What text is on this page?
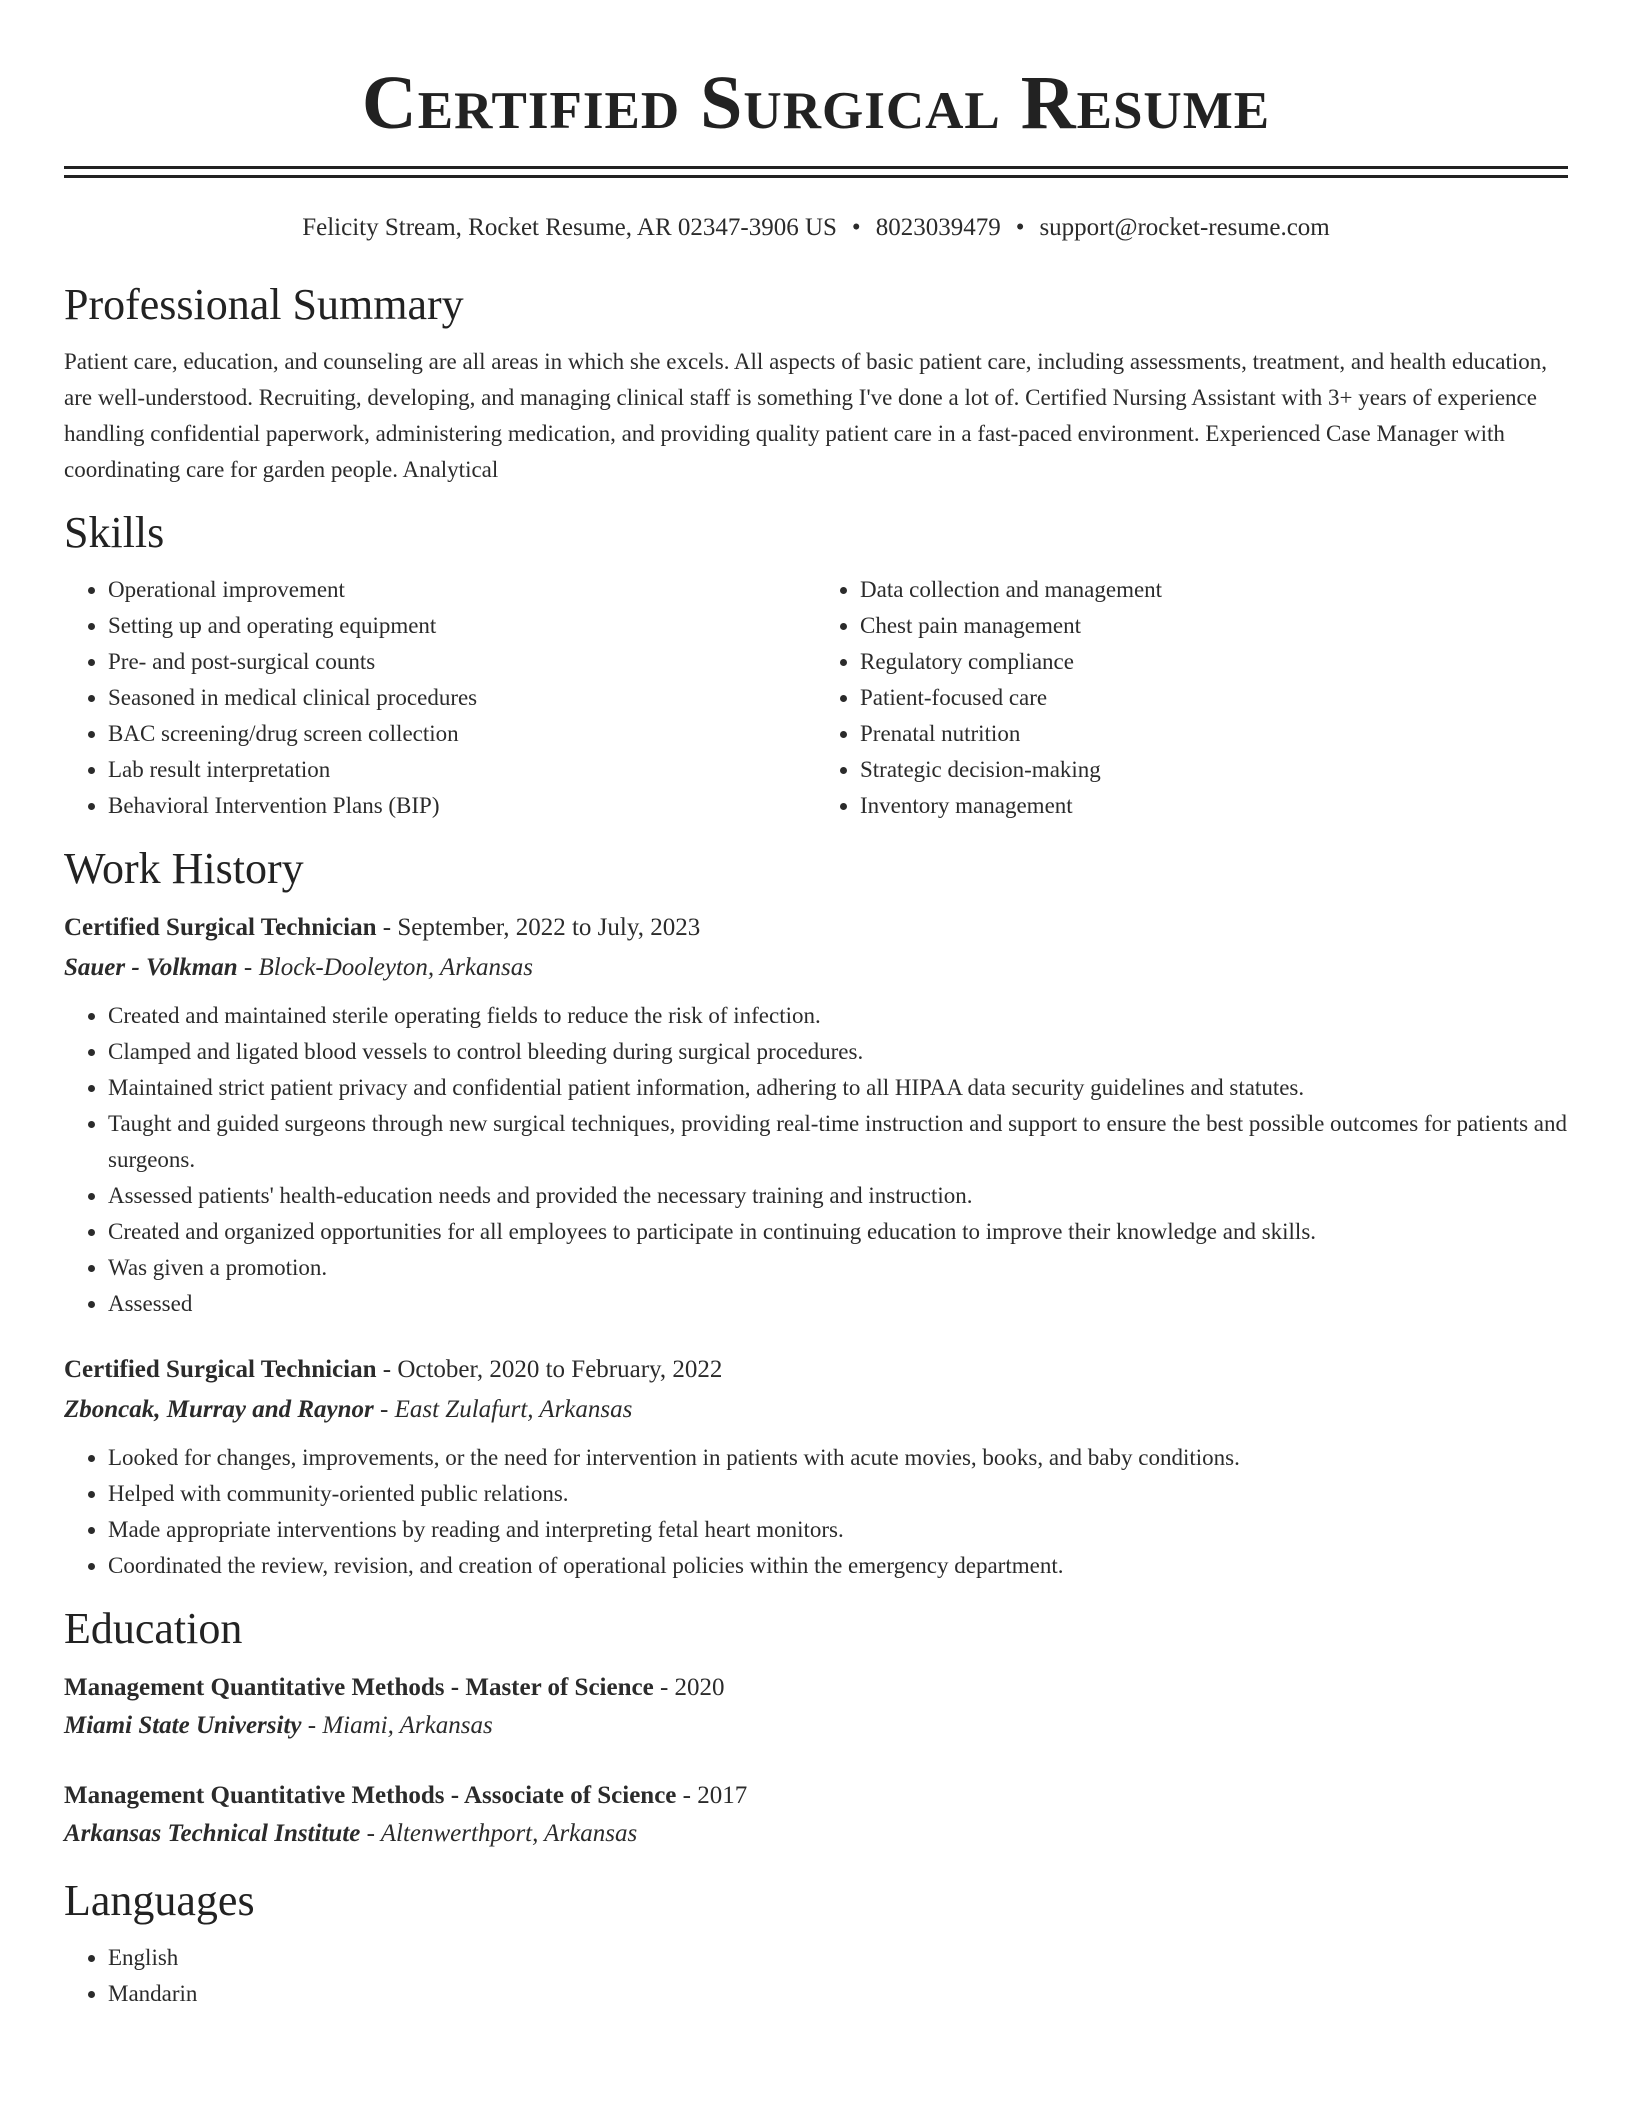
Certified Surgical Resume
Felicity Stream, Rocket Resume, AR 02347-3906 US • 8023039479 • support@rocket-resume.com
Professional Summary

Patient care, education, and counseling are all areas in which she excels. All aspects of basic patient care, including assessments, treatment, and health education, are well-understood. Recruiting, developing, and managing clinical staff is something I've done a lot of. Certified Nursing Assistant with 3+ years of experience handling confidential paperwork, administering medication, and providing quality patient care in a fast-paced environment. Experienced Case Manager with coordinating care for garden people. Analytical

Skills
• Operational improvement
• Setting up and operating equipment
• Pre- and post-surgical counts
• Seasoned in medical clinical procedures
• BAC screening/drug screen collection
• Lab result interpretation
• Behavioral Intervention Plans (BIP)
• Data collection and management
• Chest pain management
• Regulatory compliance
• Patient-focused care
• Prenatal nutrition
• Strategic decision-making
• Inventory management
Work History
Certified Surgical Technician - September, 2022 to July, 2023
Sauer - Volkman - Block-Dooleyton, Arkansas
• Created and maintained sterile operating fields to reduce the risk of infection.
• Clamped and ligated blood vessels to control bleeding during surgical procedures.
• Maintained strict patient privacy and confidential patient information, adhering to all HIPAA data security guidelines and statutes.
• Taught and guided surgeons through new surgical techniques, providing real-time instruction and support to ensure the best possible outcomes for patients and surgeons.
• Assessed patients' health-education needs and provided the necessary training and instruction.
• Created and organized opportunities for all employees to participate in continuing education to improve their knowledge and skills.
• Was given a promotion.
• Assessed
Certified Surgical Technician - October, 2020 to February, 2022
Zboncak, Murray and Raynor - East Zulafurt, Arkansas
• Looked for changes, improvements, or the need for intervention in patients with acute movies, books, and baby conditions.
• Helped with community-oriented public relations.
• Made appropriate interventions by reading and interpreting fetal heart monitors.
• Coordinated the review, revision, and creation of operational policies within the emergency department.
Education
Management Quantitative Methods - Master of Science - 2020
Miami State University - Miami, Arkansas
Management Quantitative Methods - Associate of Science - 2017
Arkansas Technical Institute - Altenwerthport, Arkansas
Languages
• English
• Mandarin
